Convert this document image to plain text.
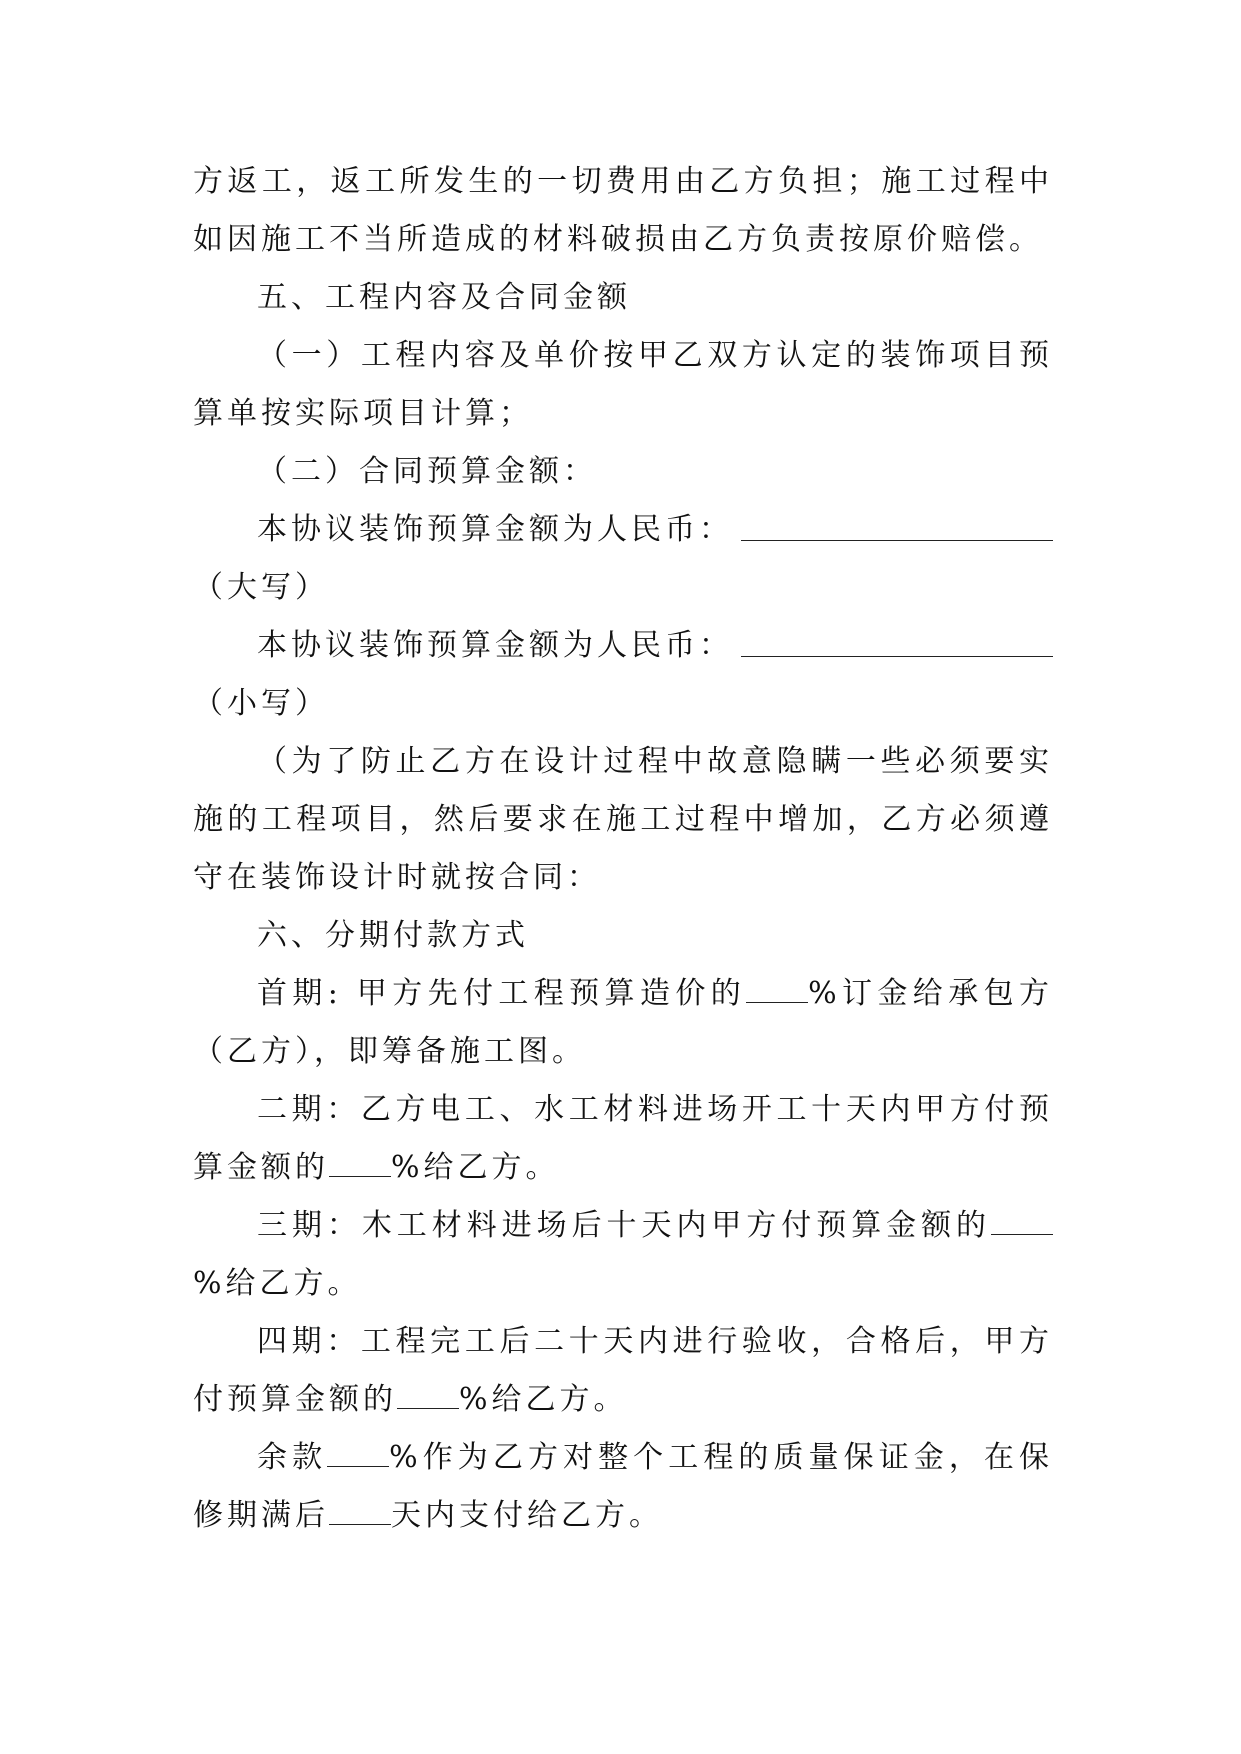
方返工，返工所发生的一切费用由乙方负担；施工过程中如因施工不当所造成的材料破损由乙方负责按原价赔偿。

五、工程内容及合同金额

（一）工程内容及单价按甲乙双方认定的装饰项目预算单按实际项目计算；

（二）合同预算金额：

本协议装饰预算金额为人民币：

（大写）

本协议装饰预算金额为人民币：

（小写）

（为了防止乙方在设计过程中故意隐瞒一些必须要实施的工程项目，然后要求在施工过程中增加，乙方必须遵守在装饰设计时就按合同：

六、分期付款方式

首期: 甲方先付工程预算造价的 %订金给承包方（乙方），即筹备施工图。

二期：乙方电工、水工材料进场开工十天内甲方付预算金额的 %给乙方。

三期：木工材料进场后十天内甲方付预算金额的%给乙方。

四期：工程完工后二十天内进行验收，合格后，甲方付预算金额的 %给乙方。

余款 %作为乙方对整个工程的质量保证金，在保修期满后 天内支付给乙方。
